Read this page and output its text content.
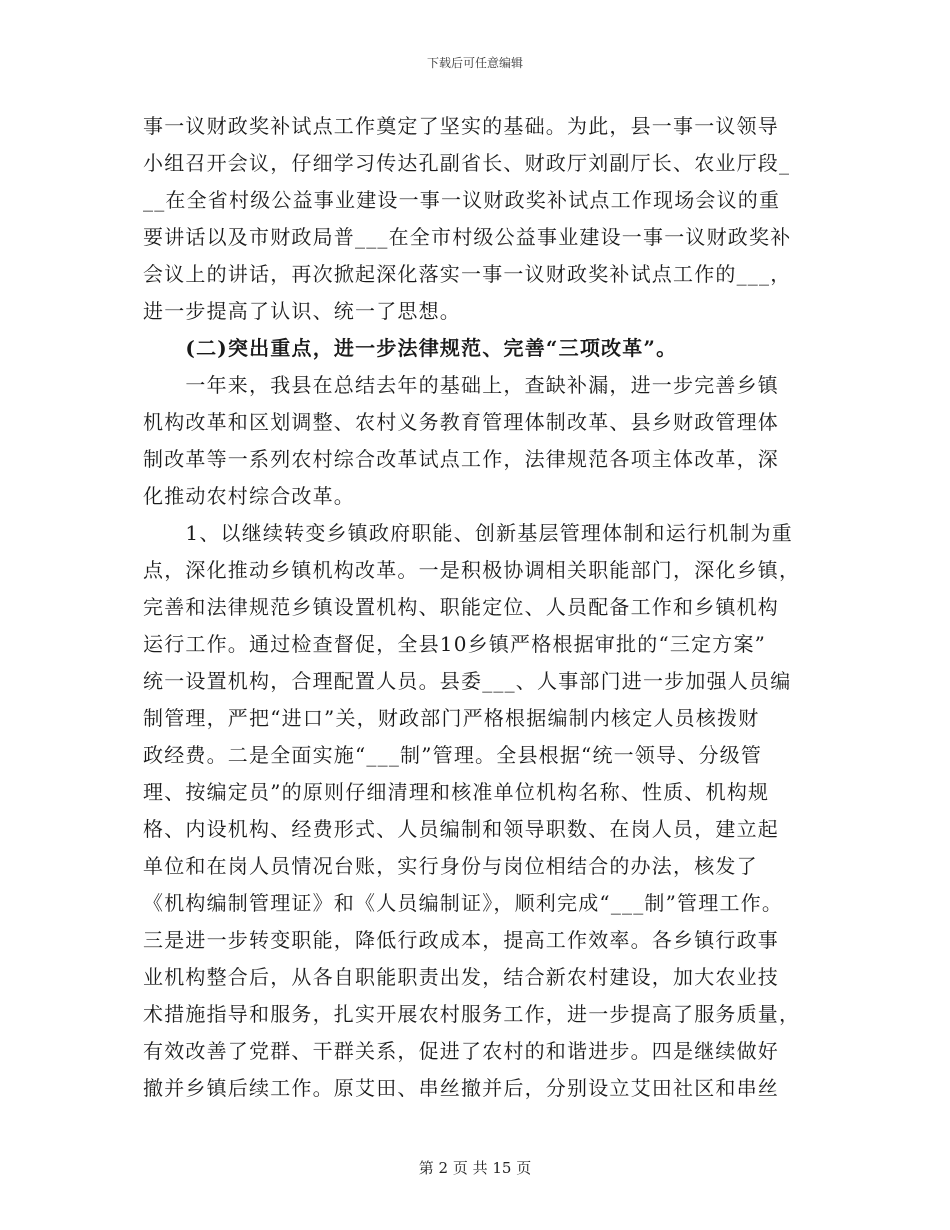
下载后可任意编辑
事一议财政奖补试点工作奠定了坚实的基础。为此，县一事一议领导
小组召开会议，仔细学习传达孔副省长、财政厅刘副厅长、农业厅段_
__在全省村级公益事业建设一事一议财政奖补试点工作现场会议的重
要讲话以及市财政局普___在全市村级公益事业建设一事一议财政奖补
会议上的讲话，再次掀起深化落实一事一议财政奖补试点工作的___，
进一步提高了认识、统一了思想。
　　(二)突出重点，进一步法律规范、完善“三项改革”。
　　一年来，我县在总结去年的基础上，查缺补漏，进一步完善乡镇
机构改革和区划调整、农村义务教育管理体制改革、县乡财政管理体
制改革等一系列农村综合改革试点工作，法律规范各项主体改革，深
化推动农村综合改革。
　　1、以继续转变乡镇政府职能、创新基层管理体制和运行机制为重
点，深化推动乡镇机构改革。一是积极协调相关职能部门，深化乡镇，
完善和法律规范乡镇设置机构、职能定位、人员配备工作和乡镇机构
运行工作。通过检查督促，全县10乡镇严格根据审批的“三定方案”
统一设置机构，合理配置人员。县委___、人事部门进一步加强人员编
制管理，严把“进口”关，财政部门严格根据编制内核定人员核拨财
政经费。二是全面实施“___制”管理。全县根据“统一领导、分级管
理、按编定员”的原则仔细清理和核准单位机构名称、性质、机构规
格、内设机构、经费形式、人员编制和领导职数、在岗人员，建立起
单位和在岗人员情况台账，实行身份与岗位相结合的办法，核发了
《机构编制管理证》和《人员编制证》，顺利完成“___制”管理工作。
三是进一步转变职能，降低行政成本，提高工作效率。各乡镇行政事
业机构整合后，从各自职能职责出发，结合新农村建设，加大农业技
术措施指导和服务，扎实开展农村服务工作，进一步提高了服务质量，
有效改善了党群、干群关系，促进了农村的和谐进步。四是继续做好
撤并乡镇后续工作。原艾田、串丝撤并后，分别设立艾田社区和串丝
第 2 页 共 15 页
